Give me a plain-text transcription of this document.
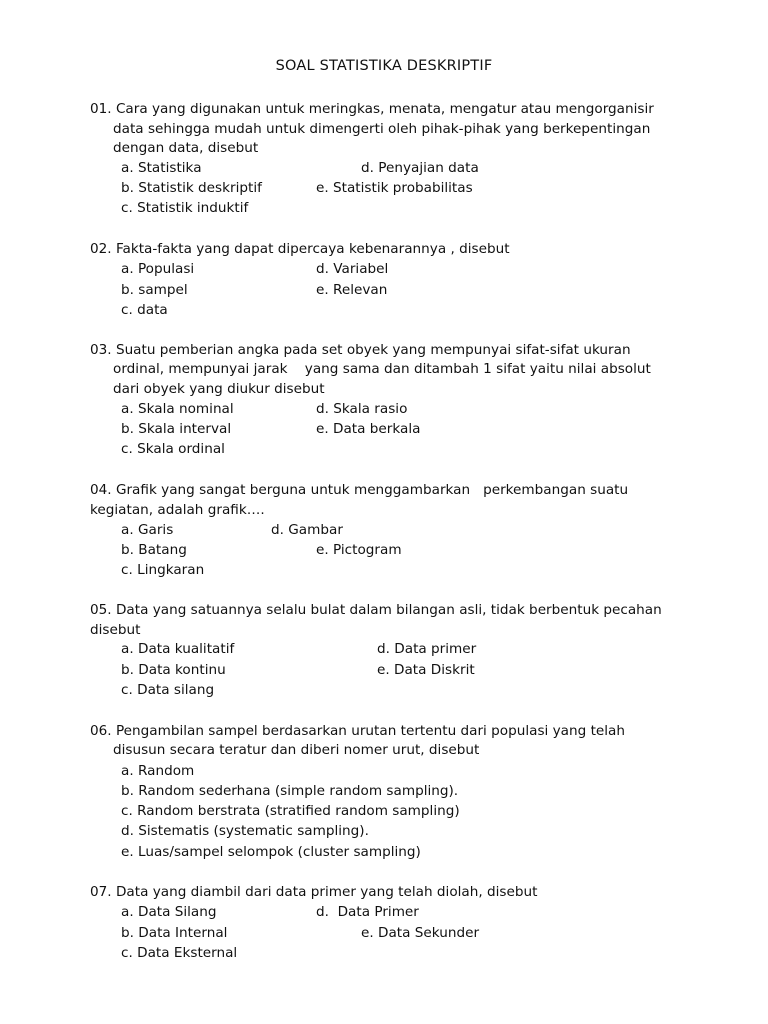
SOAL STATISTIKA DESKRIPTIF
01. Cara yang digunakan untuk meringkas, menata, mengatur atau mengorganisir
data sehingga mudah untuk dimengerti oleh pihak-pihak yang berkepentingan
dengan data, disebut
a. Statistika	d. Penyajian data
b. Statistik deskriptif	e. Statistik probabilitas
c. Statistik induktif
02. Fakta-fakta yang dapat dipercaya kebenarannya , disebut
a. Populasi	d. Variabel
b. sampel	e. Relevan
c. data
03. Suatu pemberian angka pada set obyek yang mempunyai sifat-sifat ukuran
ordinal, mempunyai jarak    yang sama dan ditambah 1 sifat yaitu nilai absolut
dari obyek yang diukur disebut
a. Skala nominal	d. Skala rasio
b. Skala interval	e. Data berkala
c. Skala ordinal
04. Grafik yang sangat berguna untuk menggambarkan   perkembangan suatu
kegiatan, adalah grafik….
a. Garis	d. Gambar
b. Batang	e. Pictogram
c. Lingkaran
05. Data yang satuannya selalu bulat dalam bilangan asli, tidak berbentuk pecahan
disebut
a. Data kualitatif	d. Data primer
b. Data kontinu	e. Data Diskrit
c. Data silang
06. Pengambilan sampel berdasarkan urutan tertentu dari populasi yang telah
disusun secara teratur dan diberi nomer urut, disebut
a. Random
b. Random sederhana (simple random sampling).
c. Random berstrata (stratified random sampling)
d. Sistematis (systematic sampling).
e. Luas/sampel selompok (cluster sampling)
07. Data yang diambil dari data primer yang telah diolah, disebut
a. Data Silang	d.  Data Primer
b. Data Internal	e. Data Sekunder
c. Data Eksternal
